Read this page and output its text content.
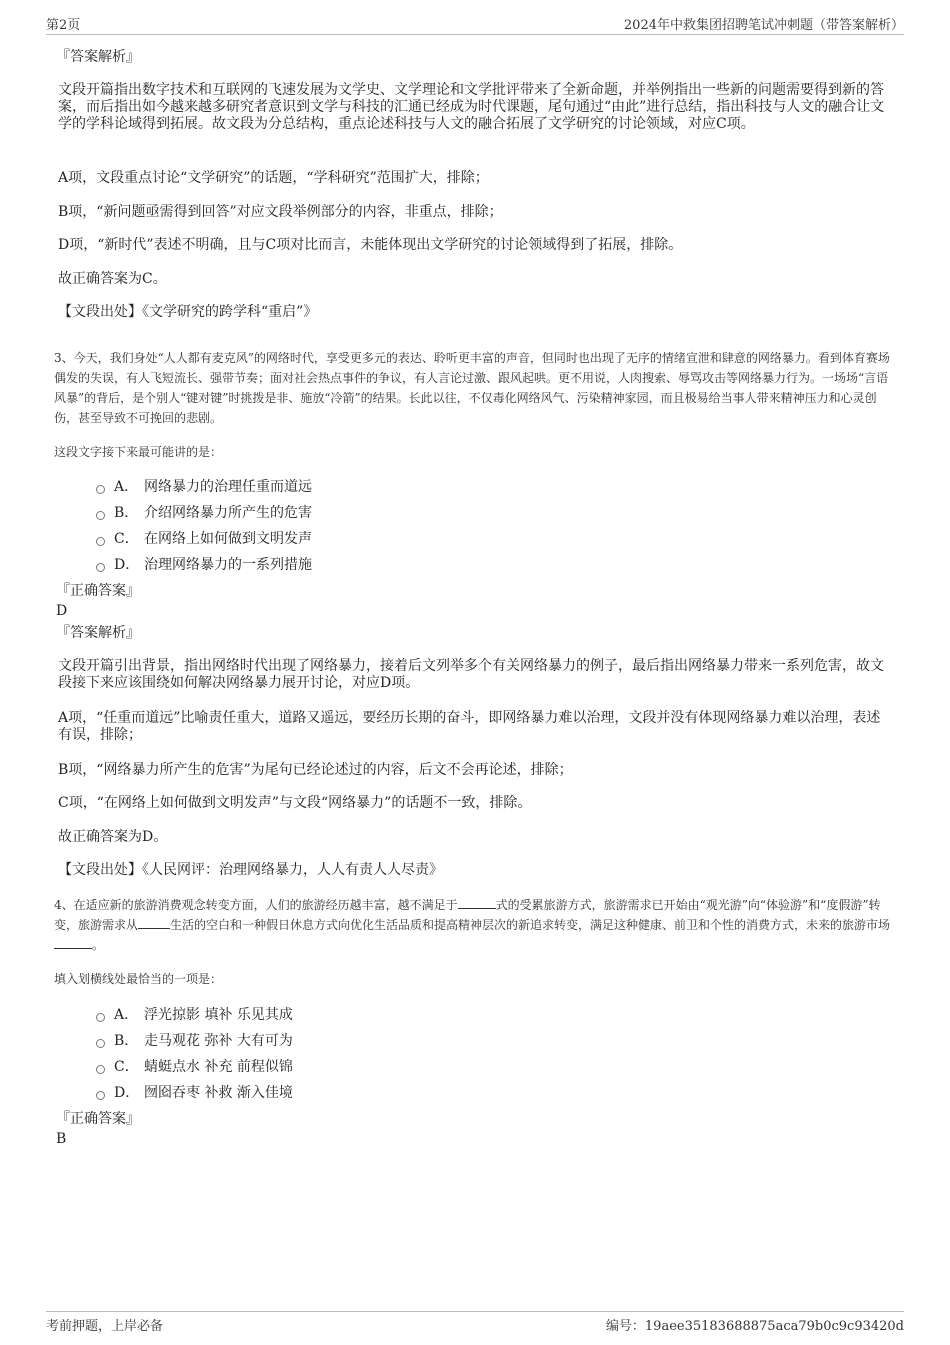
第2页	2024年中救集团招聘笔试冲刺题（带答案解析）
『答案解析』
文段开篇指出数字技术和互联网的飞速发展为文学史、文学理论和文学批评带来了全新命题，并举例指出一些新的问题需要得到新的答案，而后指出如今越来越多研究者意识到文学与科技的汇通已经成为时代课题，尾句通过“由此”进行总结，指出科技与人文的融合让文学的学科论域得到拓展。故文段为分总结构，重点论述科技与人文的融合拓展了文学研究的讨论领域，对应C项。
A项，文段重点讨论“文学研究”的话题，“学科研究”范围扩大，排除；
B项，“新问题亟需得到回答”对应文段举例部分的内容，非重点，排除；
D项，“新时代”表述不明确，且与C项对比而言，未能体现出文学研究的讨论领域得到了拓展，排除。
故正确答案为C。
【文段出处】《文学研究的跨学科“重启”》
3、今天，我们身处“人人都有麦克风”的网络时代，享受更多元的表达、聆听更丰富的声音，但同时也出现了无序的情绪宣泄和肆意的网络暴力。看到体育赛场偶发的失误，有人飞短流长、强带节奏；面对社会热点事件的争议，有人言论过激、跟风起哄。更不用说，人肉搜索、辱骂攻击等网络暴力行为。一场场“言语风暴”的背后，是个别人“键对键”时挑拨是非、施放“冷箭”的结果。长此以往，不仅毒化网络风气、污染精神家园，而且极易给当事人带来精神压力和心灵创伤，甚至导致不可挽回的悲剧。
这段文字接下来最可能讲的是：
A． 网络暴力的治理任重而道远
B． 介绍网络暴力所产生的危害
C． 在网络上如何做到文明发声
D． 治理网络暴力的一系列措施
『正确答案』
D
『答案解析』
文段开篇引出背景，指出网络时代出现了网络暴力，接着后文列举多个有关网络暴力的例子，最后指出网络暴力带来一系列危害，故文段接下来应该围绕如何解决网络暴力展开讨论，对应D项。
A项，“任重而道远”比喻责任重大，道路又遥远，要经历长期的奋斗，即网络暴力难以治理，文段并没有体现网络暴力难以治理，表述有误，排除；
B项，“网络暴力所产生的危害”为尾句已经论述过的内容，后文不会再论述，排除；
C项，“在网络上如何做到文明发声”与文段“网络暴力”的话题不一致，排除。
故正确答案为D。
【文段出处】《人民网评：治理网络暴力，人人有责人人尽责》
4、在适应新的旅游消费观念转变方面，人们的旅游经历越丰富，越不满足于	式的受累旅游方式，旅游需求已开始由“观光游”向“体验游”和“度假游”转变，旅游需求从	生活的空白和一种假日休息方式向优化生活品质和提高精神层次的新追求转变，满足这种健康、前卫和个性的消费方式，未来的旅游市场。
填入划横线处最恰当的一项是：
A． 浮光掠影 填补 乐见其成
B． 走马观花 弥补 大有可为
C． 蜻蜓点水 补充 前程似锦
D． 囫囵吞枣 补救 渐入佳境
『正确答案』
B
考前押题，上岸必备	编号：19aee35183688875aca79b0c9c93420d
